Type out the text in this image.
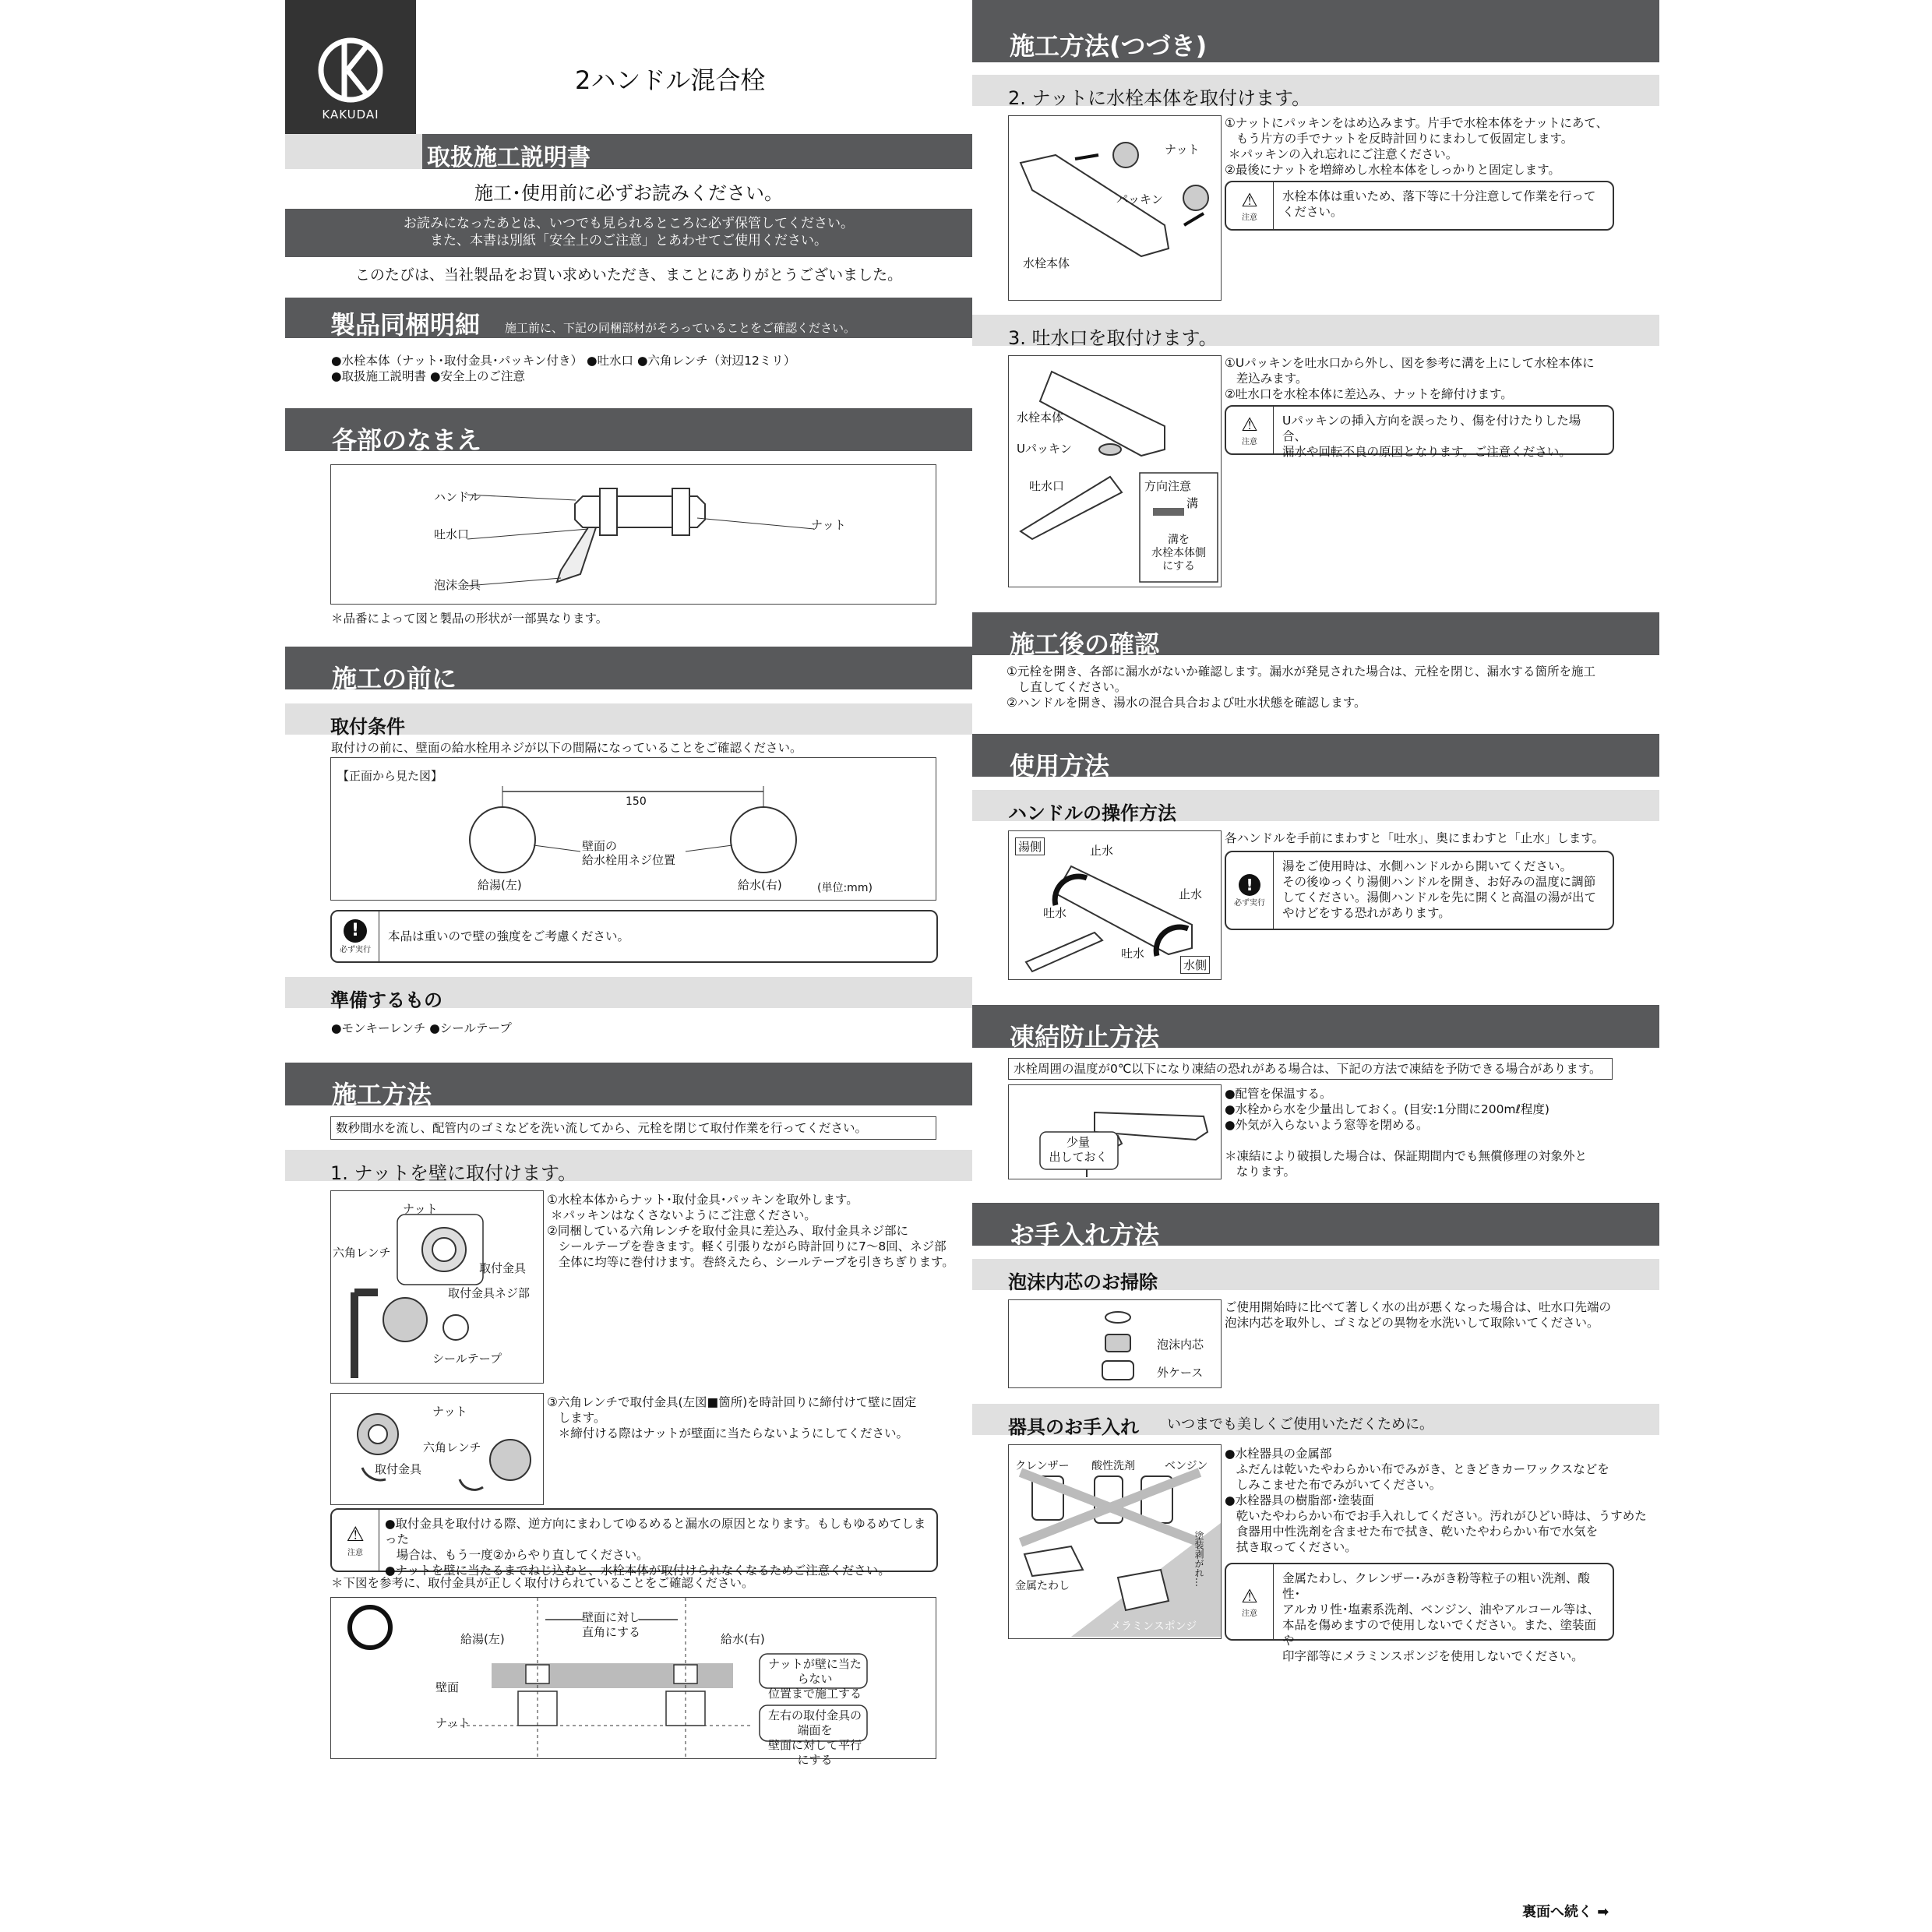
KAKUDAI
2ハンドル混合栓
取扱施工説明書
施工･使用前に必ずお読みください。
お読みになったあとは、いつでも見られるところに必ず保管してください。
また、本書は別紙「安全上のご注意」とあわせてご使用ください。
このたびは、当社製品をお買い求めいただき、まことにありがとうございました。
製品同梱明細 施工前に、下記の同梱部材がそろっていることをご確認ください。
●水栓本体（ナット･取付金具･パッキン付き） ●吐水口 ●六角レンチ（対辺12ミリ）
●取扱施工説明書 ●安全上のご注意
各部のなまえ
ハンドル
吐水口
泡沫金具
ナット
＊品番によって図と製品の形状が一部異なります。
施工の前に
取付条件
取付けの前に、壁面の給水栓用ネジが以下の間隔になっていることをご確認ください。
【正面から見た図】
150
壁面の
給水栓用ネジ位置
給湯(左)	給水(右)	(単位:mm)
!
必ず実行
本品は重いので壁の強度をご考慮ください。
準備するもの
●モンキーレンチ ●シールテープ
施工方法
数秒間水を流し、配管内のゴミなどを洗い流してから、元栓を閉じて取付作業を行ってください。
1. ナットを壁に取付けます。
ナット
取付金具
六角レンチ
取付金具ネジ部
シールテープ
①水栓本体からナット･取付金具･パッキンを取外します。
＊パッキンはなくさないようにご注意ください。
②同梱している六角レンチを取付金具に差込み、取付金具ネジ部に
シールテープを巻きます。軽く引張りながら時計回りに7～8回、ネジ部
全体に均等に巻付けます。巻終えたら、シールテープを引きちぎります。
ナット
六角レンチ
取付金具
③六角レンチで取付金具(左図■箇所)を時計回りに締付けて壁に固定
します。
＊締付ける際はナットが壁面に当たらないようにしてください。
⚠
注意
●取付金具を取付ける際、逆方向にまわしてゆるめると漏水の原因となります。もしもゆるめてしまった
場合は、もう一度②からやり直してください。
●ナットを壁に当たるまでねじ込むと、水栓本体が取付けられなくなるためご注意ください。
＊下図を参考に、取付金具が正しく取付けられていることをご確認ください。
壁面に対し
直角にする
給湯(左)	給水(右)
壁面
ナット
ナットが壁に当たらない
位置まで施工する
左右の取付金具の端面を
壁面に対して平行にする
施工方法(つづき)
2. ナットに水栓本体を取付けます。
ナット
パッキン
水栓本体
①ナットにパッキンをはめ込みます。片手で水栓本体をナットにあて、
もう片方の手でナットを反時計回りにまわして仮固定します。
＊パッキンの入れ忘れにご注意ください。
②最後にナットを増締めし水栓本体をしっかりと固定します。
⚠
注意
水栓本体は重いため、落下等に十分注意して作業を行って
ください。
3. 吐水口を取付けます。
水栓本体
Uパッキン
吐水口	方向注意
溝
溝を
水栓本体側
にする
①Uパッキンを吐水口から外し、図を参考に溝を上にして水栓本体に
差込みます。
②吐水口を水栓本体に差込み、ナットを締付けます。
⚠
注意
Uパッキンの挿入方向を誤ったり、傷を付けたりした場合、
漏水や回転不良の原因となります。ご注意ください。
施工後の確認
①元栓を開き、各部に漏水がないか確認します。漏水が発見された場合は、元栓を閉じ、漏水する箇所を施工
し直してください。
②ハンドルを開き、湯水の混合具合および吐水状態を確認します。
使用方法
ハンドルの操作方法
湯側	止水
吐水
止水
吐水
水側
各ハンドルを手前にまわすと「吐水」、奥にまわすと「止水」します。
!
必ず実行
湯をご使用時は、水側ハンドルから開いてください。
その後ゆっくり湯側ハンドルを開き、お好みの温度に調節
してください。湯側ハンドルを先に開くと高温の湯が出て
やけどをする恐れがあります。
凍結防止方法
水栓周囲の温度が0℃以下になり凍結の恐れがある場合は、下記の方法で凍結を予防できる場合があります。
少量
出しておく
●配管を保温する。
●水栓から水を少量出しておく。(目安:1分間に200mℓ程度)
●外気が入らないよう窓等を閉める。

＊凍結により破損した場合は、保証期間内でも無償修理の対象外と
なります。
お手入れ方法
泡沫内芯のお掃除
泡沫内芯
外ケース
ご使用開始時に比べて著しく水の出が悪くなった場合は、吐水口先端の
泡沫内芯を取外し、ゴミなどの異物を水洗いして取除いてください。
器具のお手入れ いつまでも美しくご使用いただくために。
クレンザー 酸性洗剤	ベンジン
金属たわし
メラミンスポンジ
塗装剥がれ…
●水栓器具の金属部
ふだんは乾いたやわらかい布でみがき、ときどきカーワックスなどを
しみこませた布でみがいてください。
●水栓器具の樹脂部･塗装面
乾いたやわらかい布でお手入れしてください。汚れがひどい時は、うすめた
食器用中性洗剤を含ませた布で拭き、乾いたやわらかい布で水気を
拭き取ってください。
⚠
注意
金属たわし、クレンザー･みがき粉等粒子の粗い洗剤、酸性･
アルカリ性･塩素系洗剤、ベンジン、油やアルコール等は、
本品を傷めますので使用しないでください。また、塗装面や
印字部等にメラミンスポンジを使用しないでください。
裏面へ続く ➡
